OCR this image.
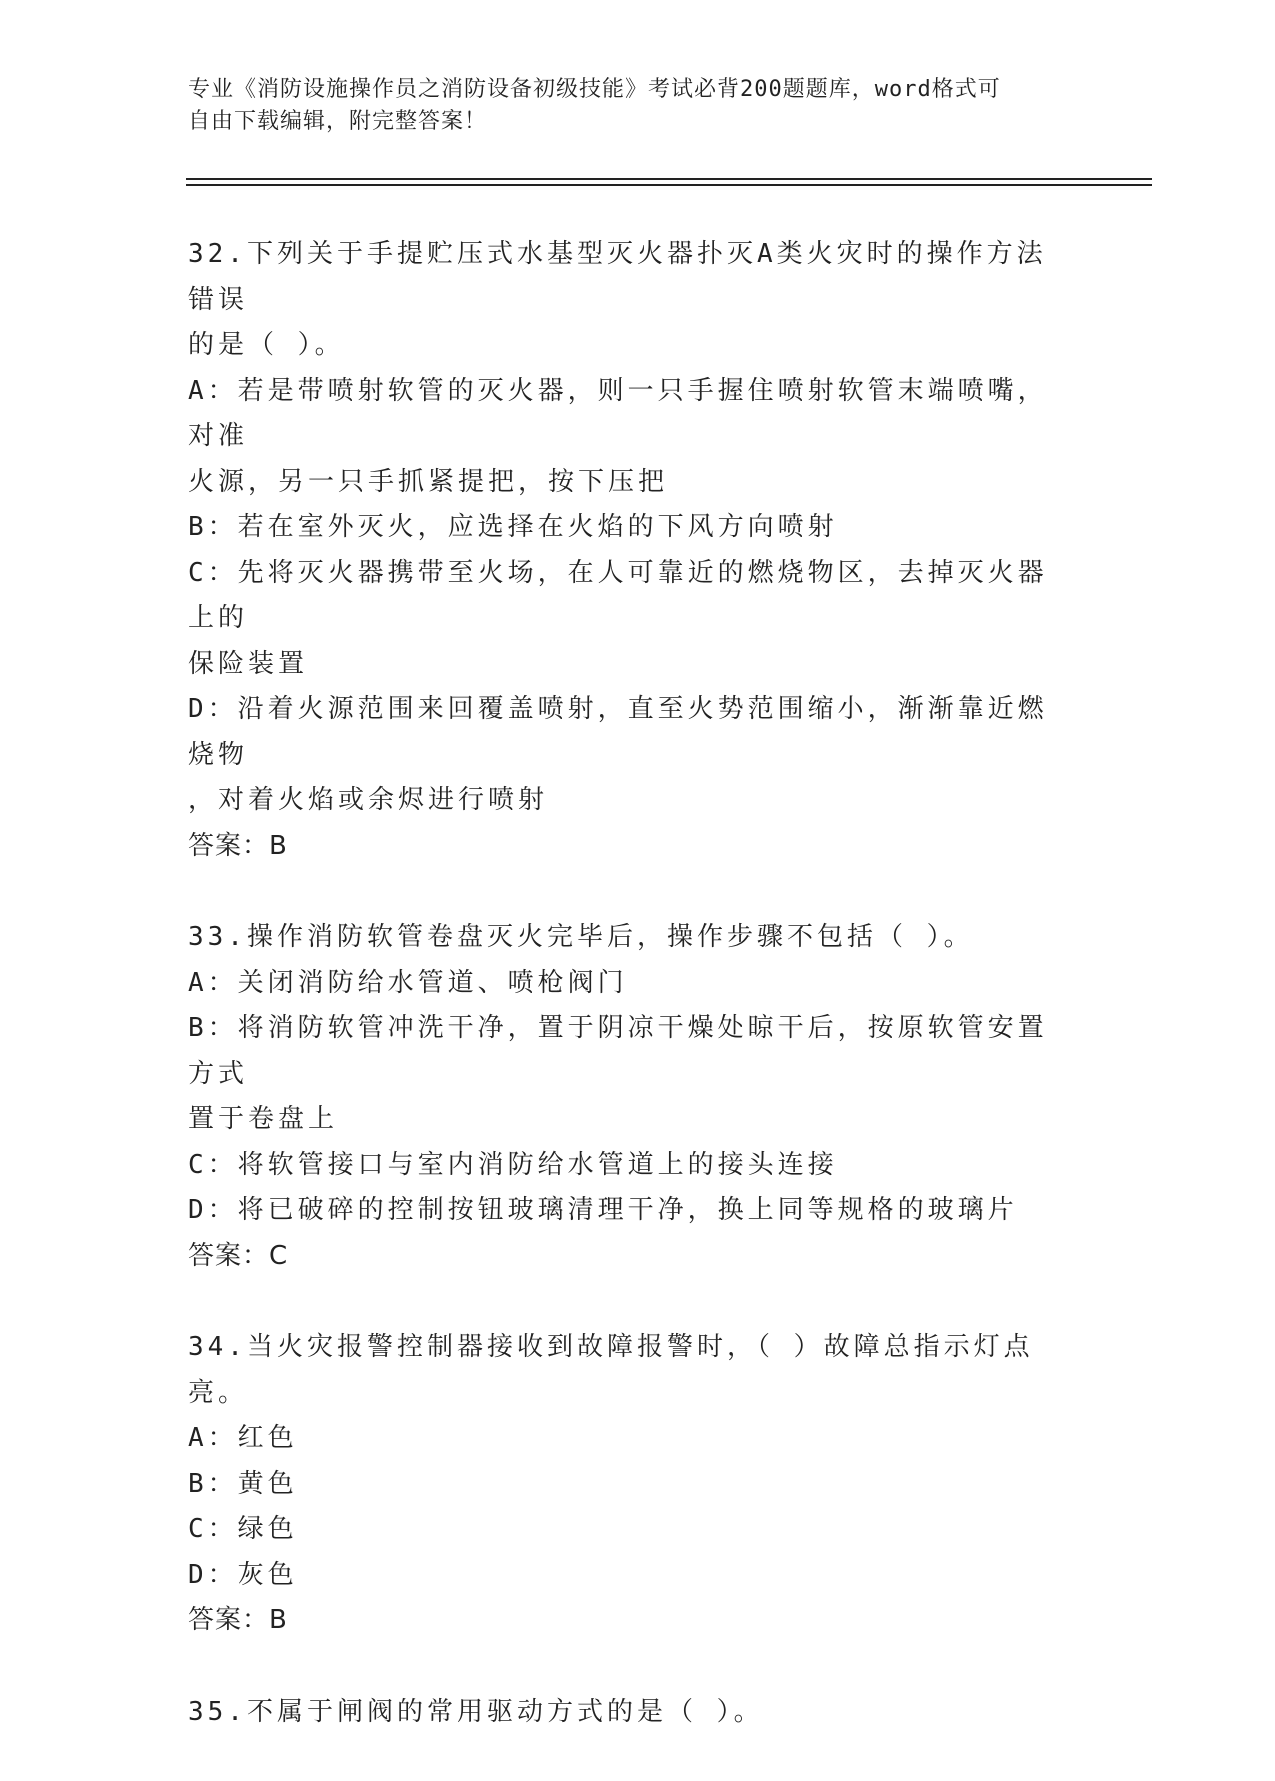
专业《消防设施操作员之消防设备初级技能》考试必背200题题库，word格式可
自由下载编辑，附完整答案！
32.下列关于手提贮压式水基型灭火器扑灭A类火灾时的操作方法错误
的是（ ）。
A：若是带喷射软管的灭火器，则一只手握住喷射软管末端喷嘴，对准
火源，另一只手抓紧提把，按下压把
B：若在室外灭火，应选择在火焰的下风方向喷射
C：先将灭火器携带至火场，在人可靠近的燃烧物区，去掉灭火器上的
保险装置
D：沿着火源范围来回覆盖喷射，直至火势范围缩小，渐渐靠近燃烧物
，对着火焰或余烬进行喷射
答案：B
33.操作消防软管卷盘灭火完毕后，操作步骤不包括（ ）。
A：关闭消防给水管道、喷枪阀门
B：将消防软管冲洗干净，置于阴凉干燥处晾干后，按原软管安置方式
置于卷盘上
C：将软管接口与室内消防给水管道上的接头连接
D：将已破碎的控制按钮玻璃清理干净，换上同等规格的玻璃片
答案：C
34.当火灾报警控制器接收到故障报警时，（ ）故障总指示灯点亮。
A：红色
B：黄色
C：绿色
D：灰色
答案：B
35.不属于闸阀的常用驱动方式的是（ ）。
